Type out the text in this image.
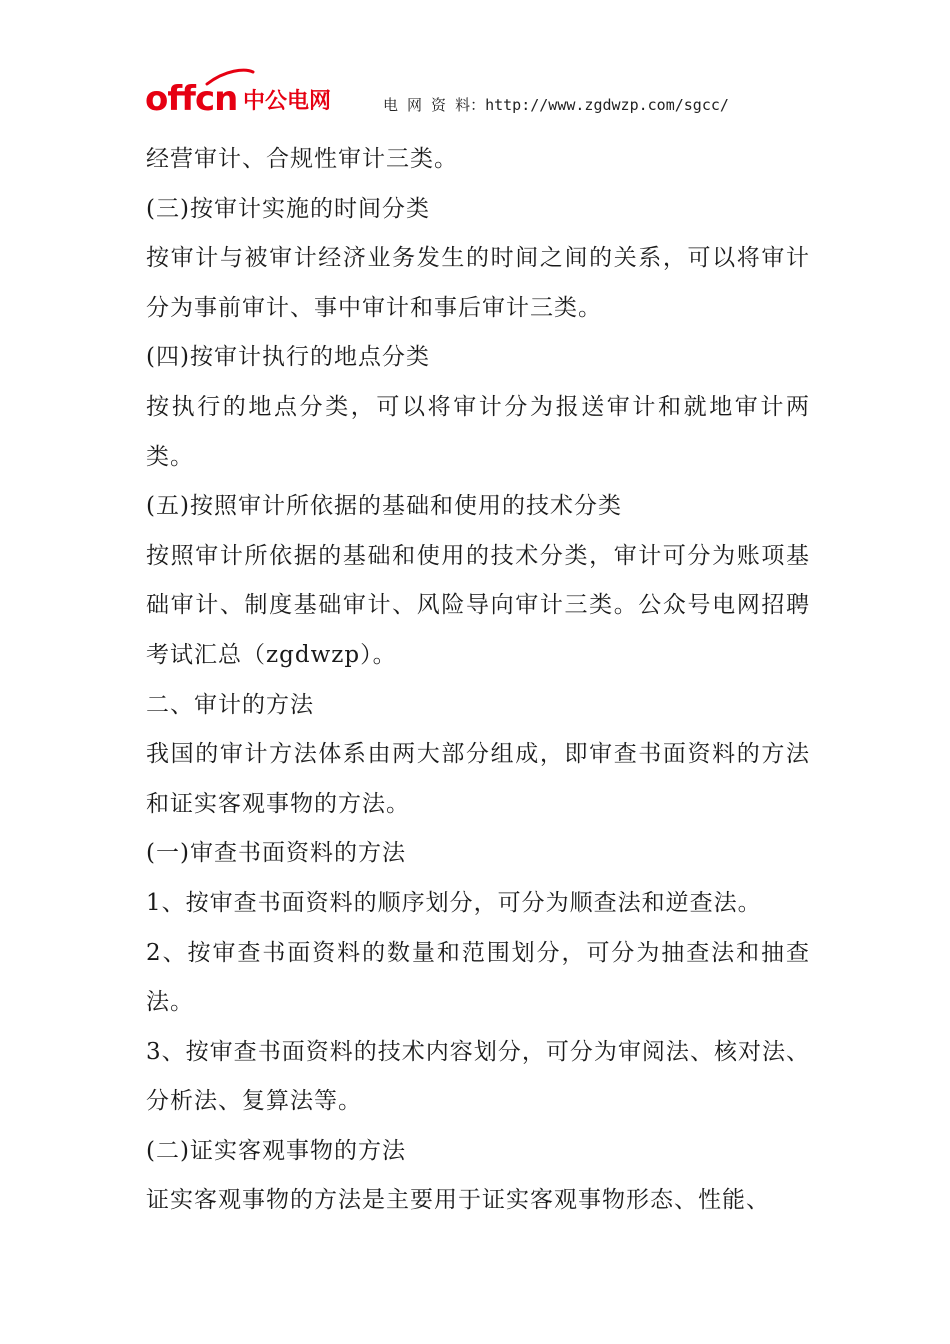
offcn 中公电网	电 网 资 料：http://www.zgdwzp.com/sgcc/

经营审计、合规性审计三类。

(三)按审计实施的时间分类

按审计与被审计经济业务发生的时间之间的关系，可以将审计分为事前审计、事中审计和事后审计三类。

(四)按审计执行的地点分类

按执行的地点分类，可以将审计分为报送审计和就地审计两类。

(五)按照审计所依据的基础和使用的技术分类

按照审计所依据的基础和使用的技术分类，审计可分为账项基础审计、制度基础审计、风险导向审计三类。公众号电网招聘考试汇总（zgdwzp）。

二、审计的方法

我国的审计方法体系由两大部分组成，即审查书面资料的方法和证实客观事物的方法。

(一)审查书面资料的方法

1、按审查书面资料的顺序划分，可分为顺查法和逆查法。

2、按审查书面资料的数量和范围划分，可分为抽查法和抽查法。

3、按审查书面资料的技术内容划分，可分为审阅法、核对法、分析法、复算法等。

(二)证实客观事物的方法

证实客观事物的方法是主要用于证实客观事物形态、性能、
